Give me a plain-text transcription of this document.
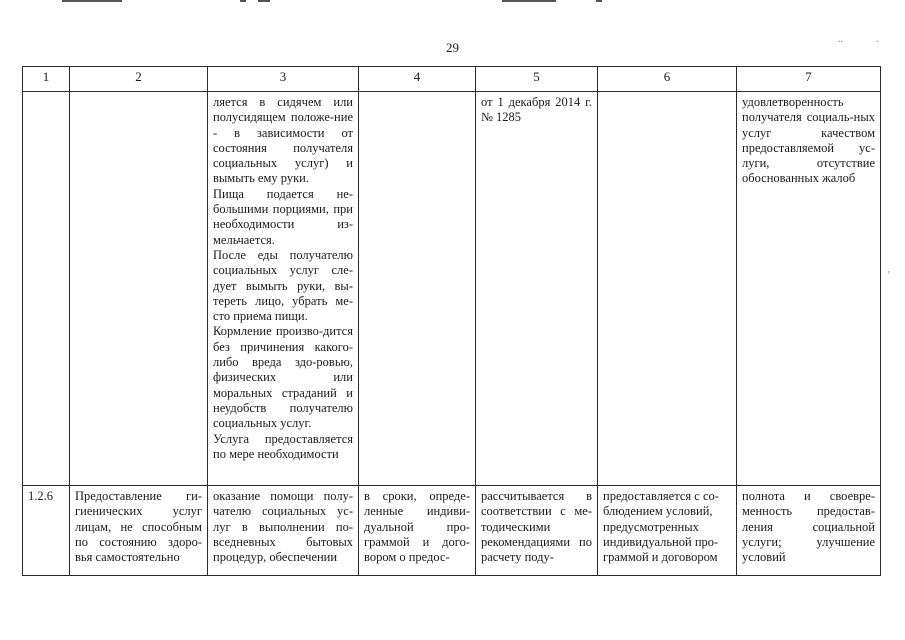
..	.
'
29
1	2	3	4	5	6	7

		ляется в сидячем или полусидящем положе-ние - в зависимости от состояния получателя социальных услуг) и вымыть ему руки.

Пища подается не-большими порциями, при необходимости из-мельчается.

После еды получателю социальных услуг сле-дует вымыть руки, вы-тереть лицо, убрать ме-сто приема пищи.

Кормление произво-дится без причинения какого-либо вреда здо-ровью, физических или моральных страданий и неудобств получателю социальных услуг.

Услуга предоставляется по мере необходимости		от 1 декабря 2014 г. № 1285		удовлетворенность получателя социаль-ных услуг качеством предоставляемой ус-луги, отсутствие обоснованных жалоб
1.2.6	Предоставление ги-гиенических услуг лицам, не способным по состоянию здоро-вья самостоятельно	оказание помощи полу-чателю социальных ус-луг в выполнении по-вседневных бытовых процедур, обеспечении	в сроки, опреде-ленные индиви-дуальной про-граммой и дого-вором о предос-	рассчитывается в соответствии с ме-тодическими рекомендациями по расчету поду-	предоставляется с со-блюдением условий, предусмотренных индивидуальной про-граммой и договором	полнота и своевре-менность предостав-ления социальной услуги; улучшение условий
